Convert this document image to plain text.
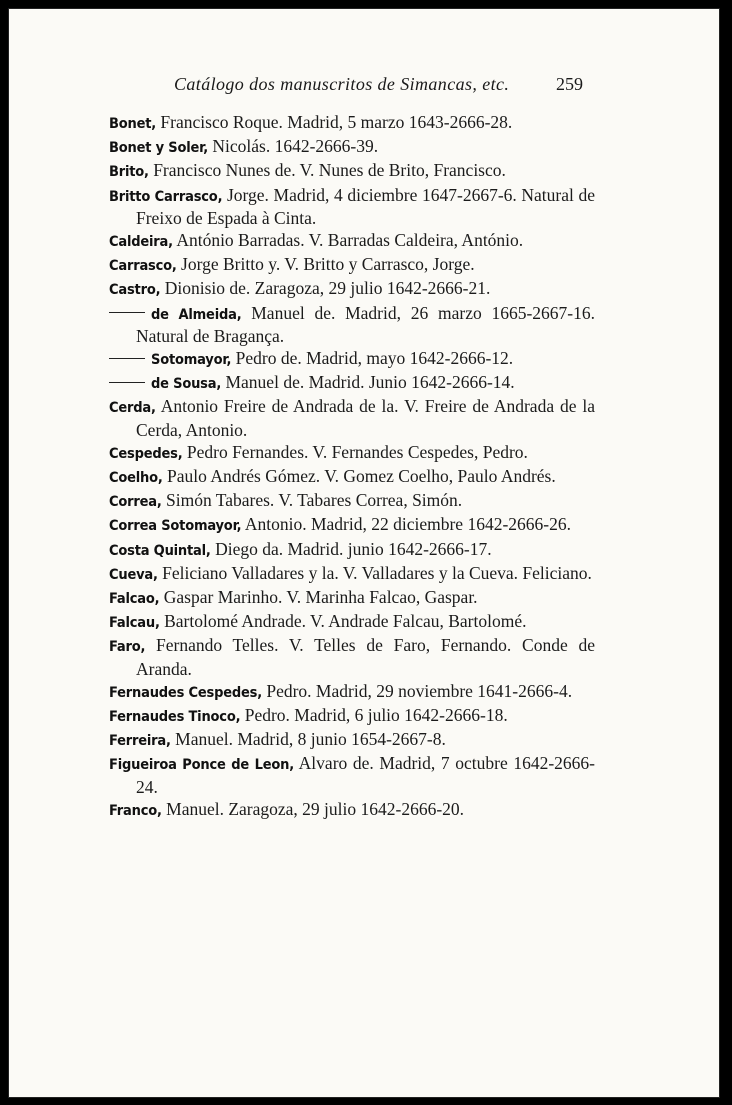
Catálogo dos manuscritos de Simancas, etc.	259

Bonet, Francisco Roque. Madrid, 5 marzo 1643-2666-28.

Bonet y Soler, Nicolás. 1642-2666-39.

Brito, Francisco Nunes de. V. Nunes de Brito, Francisco.

Britto Carrasco, Jorge. Madrid, 4 diciembre 1647-2667-6. Natural de Freixo de Espada à Cinta.

Caldeira, António Barradas. V. Barradas Caldeira, António.

Carrasco, Jorge Britto y. V. Britto y Carrasco, Jorge.

Castro, Dionisio de. Zaragoza, 29 julio 1642-2666-21.

de Almeida, Manuel de. Madrid, 26 marzo 1665-2667-16. Natural de Bragança.

Sotomayor, Pedro de. Madrid, mayo 1642-2666-12.

de Sousa, Manuel de. Madrid. Junio 1642-2666-14.

Cerda, Antonio Freire de Andrada de la. V. Freire de Andrada de la Cerda, Antonio.

Cespedes, Pedro Fernandes. V. Fernandes Cespedes, Pedro.

Coelho, Paulo Andrés Gómez. V. Gomez Coelho, Paulo Andrés.

Correa, Simón Tabares. V. Tabares Correa, Simón.

Correa Sotomayor, Antonio. Madrid, 22 diciembre 1642-2666-26.

Costa Quintal, Diego da. Madrid. junio 1642-2666-17.

Cueva, Feliciano Valladares y la. V. Valladares y la Cueva. Feliciano.

Falcao, Gaspar Marinho. V. Marinha Falcao, Gaspar.

Falcau, Bartolomé Andrade. V. Andrade Falcau, Bartolomé.

Faro, Fernando Telles. V. Telles de Faro, Fernando. Conde de Aranda.

Fernaudes Cespedes, Pedro. Madrid, 29 noviembre 1641-2666-4.

Fernaudes Tinoco, Pedro. Madrid, 6 julio 1642-2666-18.

Ferreira, Manuel. Madrid, 8 junio 1654-2667-8.

Figueiroa Ponce de Leon, Alvaro de. Madrid, 7 octubre 1642-2666-24.

Franco, Manuel. Zaragoza, 29 julio 1642-2666-20.
